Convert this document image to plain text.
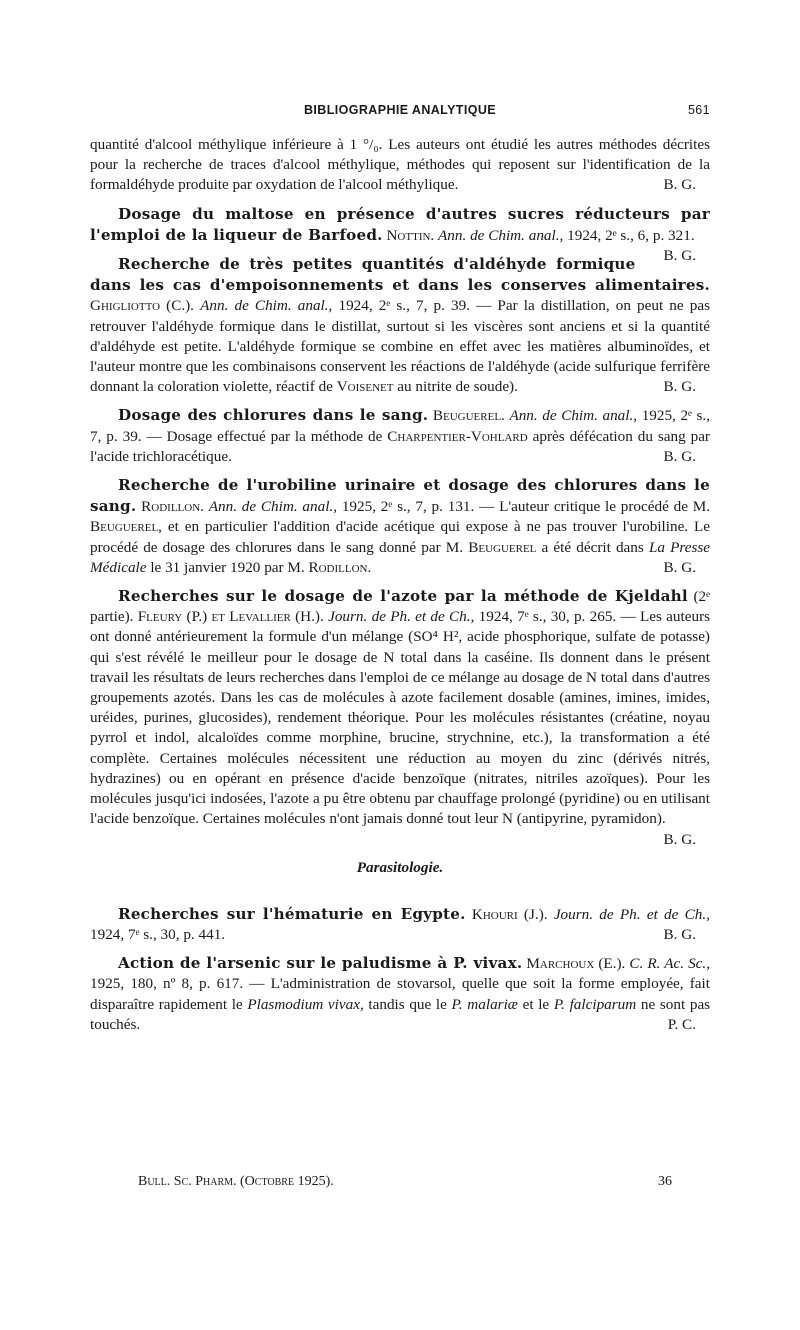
BIBLIOGRAPHIE ANALYTIQUE	561

quantité d'alcool méthylique inférieure à 1 °/₀. Les auteurs ont étudié les autres méthodes décrites pour la recherche de traces d'alcool méthylique, méthodes qui reposent sur l'identification de la formaldéhyde produite par oxydation de l'alcool méthylique.	B. G.

Dosage du maltose en présence d'autres sucres réducteurs par l'emploi de la liqueur de Barfoed. Nottin. Ann. de Chim. anal., 1924, 2ᵉ s., 6, p. 321.
B. G.

Recherche de très petites quantités d'aldéhyde formique dans les cas d'empoisonnements et dans les conserves alimentaires. Ghigliotto (C.). Ann. de Chim. anal., 1924, 2ᵉ s., 7, p. 39. — Par la distillation, on peut ne pas retrouver l'aldéhyde formique dans le distillat, surtout si les viscères sont anciens et si la quantité d'aldéhyde est petite. L'aldéhyde formique se combine en effet avec les matières albuminoïdes, et l'auteur montre que les combinaisons conservent les réactions de l'aldéhyde (acide sulfurique ferrifère donnant la coloration violette, réactif de Voisenet au nitrite de soude).	B. G.

Dosage des chlorures dans le sang. Beuguerel. Ann. de Chim. anal., 1925, 2ᵉ s., 7, p. 39. — Dosage effectué par la méthode de Charpentier-Vohlard après défécation du sang par l'acide trichloracétique.	B. G.

Recherche de l'urobiline urinaire et dosage des chlorures dans le sang. Rodillon. Ann. de Chim. anal., 1925, 2ᵉ s., 7, p. 131. — L'auteur critique le procédé de M. Beuguerel, et en particulier l'addition d'acide acétique qui expose à ne pas trouver l'urobiline. Le procédé de dosage des chlorures dans le sang donné par M. Beuguerel a été décrit dans La Presse Médicale le 31 janvier 1920 par M. Rodillon.	B. G.

Recherches sur le dosage de l'azote par la méthode de Kjeldahl (2ᵉ partie). Fleury (P.) et Levallier (H.). Journ. de Ph. et de Ch., 1924, 7ᵉ s., 30, p. 265. — Les auteurs ont donné antérieurement la formule d'un mélange (SO⁴ H², acide phosphorique, sulfate de potasse) qui s'est révélé le meilleur pour le dosage de N total dans la caséine. Ils donnent dans le présent travail les résultats de leurs recherches dans l'emploi de ce mélange au dosage de N total dans d'autres groupements azotés. Dans les cas de molécules à azote facilement dosable (amines, imines, imides, uréides, purines, glucosides), rendement théorique. Pour les molécules résistantes (créatine, noyau pyrrol et indol, alcaloïdes comme morphine, brucine, strychnine, etc.), la transformation a été complète. Certaines molécules nécessitent une réduction au moyen du zinc (dérivés nitrés, hydrazines) ou en opérant en présence d'acide benzoïque (nitrates, nitriles azoïques). Pour les molécules jusqu'ici indosées, l'azote a pu être obtenu par chauffage prolongé (pyridine) ou en utilisant l'acide benzoïque. Certaines molécules n'ont jamais donné tout leur N (antipyrine, pyramidon).
B. G.

Parasitologie.

Recherches sur l'hématurie en Egypte. Khouri (J.). Journ. de Ph. et de Ch., 1924, 7ᵉ s., 30, p. 441.	B. G.

Action de l'arsenic sur le paludisme à P. vivax. Marchoux (E.). C. R. Ac. Sc., 1925, 180, nº 8, p. 617. — L'administration de stovarsol, quelle que soit la forme employée, fait disparaître rapidement le Plasmodium vivax, tandis que le P. malariæ et le P. falciparum ne sont pas touchés.	P. C.

Bull. Sc. Pharm. (Octobre 1925).	36
